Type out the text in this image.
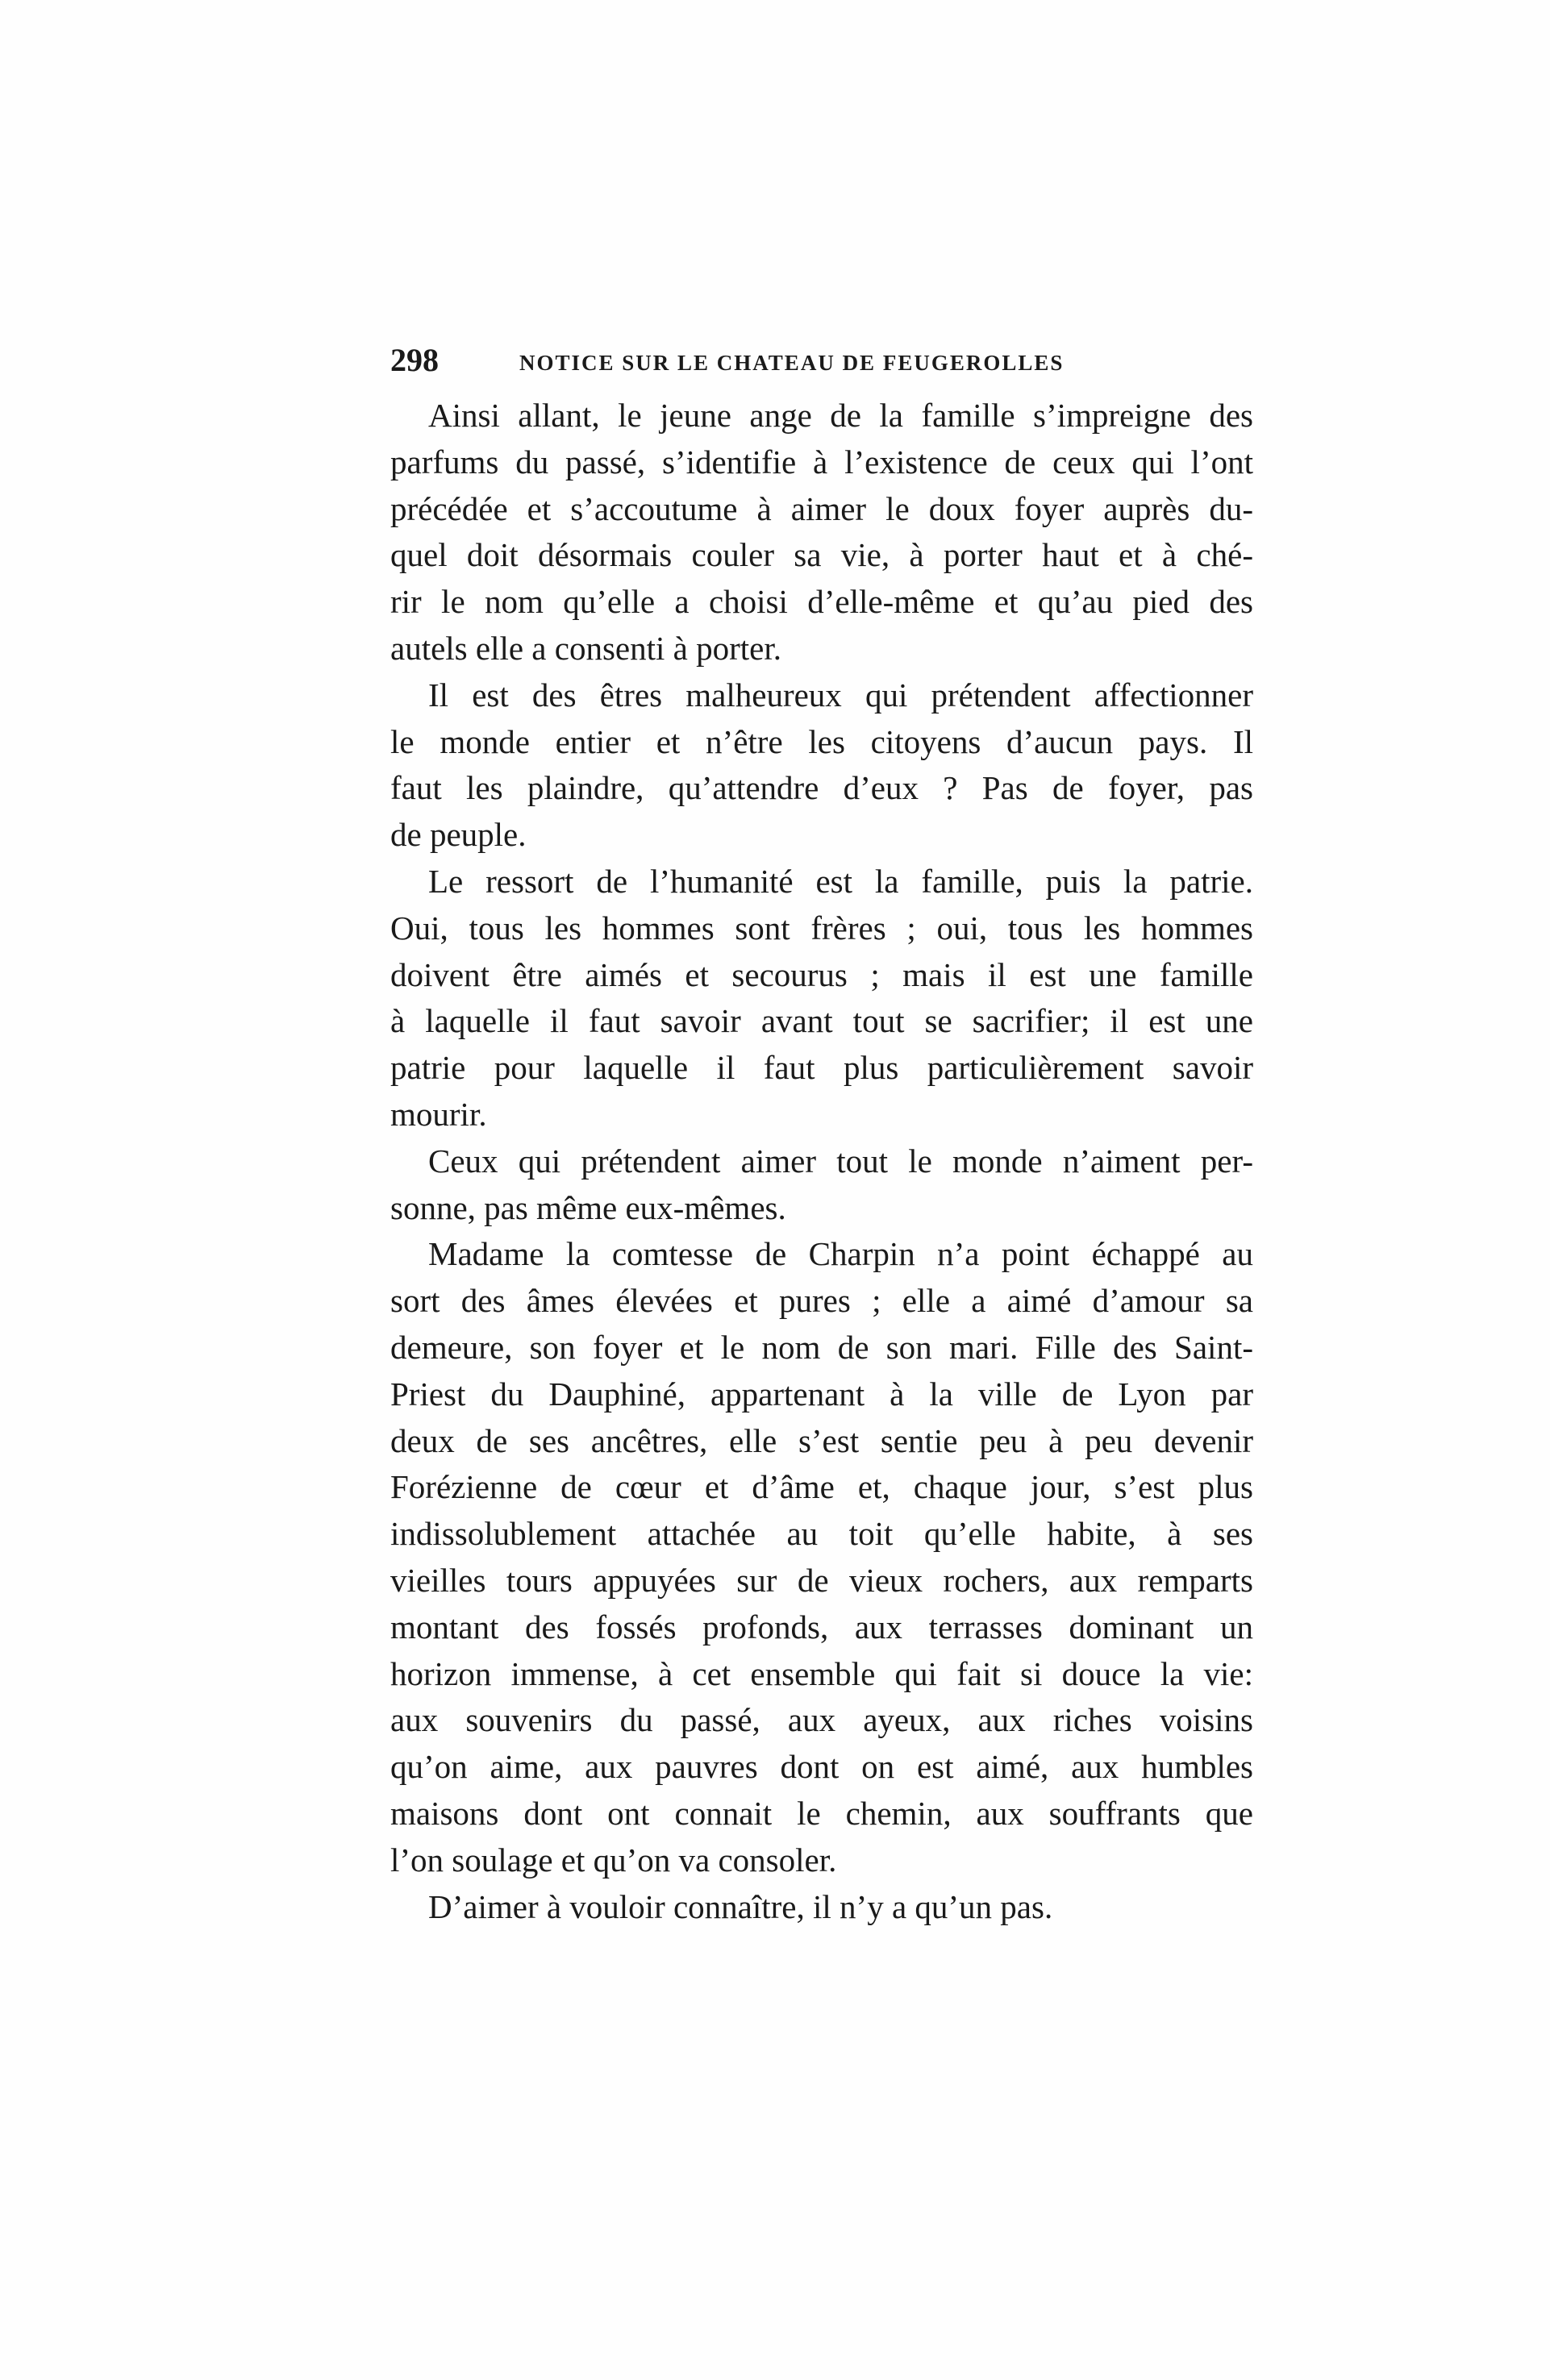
298	NOTICE SUR LE CHATEAU DE FEUGEROLLES
Ainsi allant, le jeune ange de la famille s’impreigne des
parfums du passé, s’identifie à l’existence de ceux qui l’ont
précédée et s’accoutume à aimer le doux foyer auprès du-
quel doit désormais couler sa vie, à porter haut et à ché-
rir le nom qu’elle a choisi d’elle-même et qu’au pied des
autels elle a consenti à porter.
Il est des êtres malheureux qui prétendent affectionner
le monde entier et n’être les citoyens d’aucun pays. Il
faut les plaindre, qu’attendre d’eux ? Pas de foyer, pas
de peuple.
Le ressort de l’humanité est la famille, puis la patrie.
Oui, tous les hommes sont frères ; oui, tous les hommes
doivent être aimés et secourus ; mais il est une famille
à laquelle il faut savoir avant tout se sacrifier; il est une
patrie pour laquelle il faut plus particulièrement savoir
mourir.
Ceux qui prétendent aimer tout le monde n’aiment per-
sonne, pas même eux-mêmes.
Madame la comtesse de Charpin n’a point échappé au
sort des âmes élevées et pures ; elle a aimé d’amour sa
demeure, son foyer et le nom de son mari. Fille des Saint-
Priest du Dauphiné, appartenant à la ville de Lyon par
deux de ses ancêtres, elle s’est sentie peu à peu devenir
Forézienne de cœur et d’âme et, chaque jour, s’est plus
indissolublement attachée au toit qu’elle habite, à ses
vieilles tours appuyées sur de vieux rochers, aux remparts
montant des fossés profonds, aux terrasses dominant un
horizon immense, à cet ensemble qui fait si douce la vie:
aux souvenirs du passé, aux ayeux, aux riches voisins
qu’on aime, aux pauvres dont on est aimé, aux humbles
maisons dont ont connait le chemin, aux souffrants que
l’on soulage et qu’on va consoler.
D’aimer à vouloir connaître, il n’y a qu’un pas.
